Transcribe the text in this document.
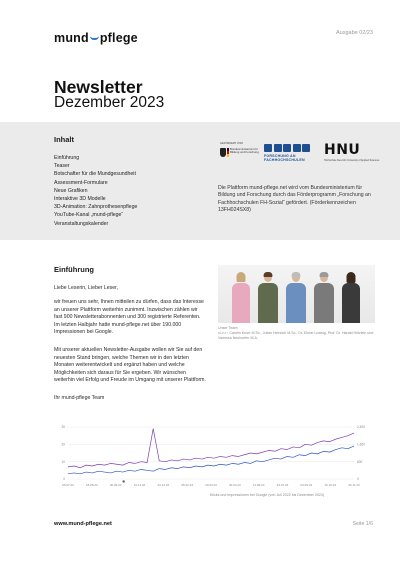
mund pflege	Ausgabe 02/23
Newsletter
Dezember 2023
Inhalt
Einführung
Teaser
Botschafter für die Mundgesundheit
Assessment-Formulare
Neue Grafiken
Interaktive 3D Modelle
3D-Animation: Zahnprothesenpflege
YouTube-Kanal „mund-pflege“
Veranstaltungskalender
GEFÖRDERT VOM
Bundesministerium für Bildung und Forschung
FORSCHUNG AN FACHHOCHSCHULEN
HNU
Hochschule Neu-Ulm University of Applied Sciences
Die Plattform mund-pflege.net wird vom Bundesministerium für Bildung und Forschung durch das Förderprogramm „Forschung an Fachhochschulen FH-Sozial“ gefördert. (Förderkennzeichen 13FH024SX8)
Einführung
Liebe Leserin, Lieber Leser,
wir freuen uns sehr, Ihnen mitteilen zu dürfen, dass das Interesse an unserer Plattform weiterhin zunimmt. Inzwischen zählen wir fast 900 Newsletterabonnenten und 300 registrierte Referenten. Im letzten Halbjahr hatte mund-pflege.net über 190.000 Impressionen bei Google.
Mit unserer aktuellen Newsletter-Ausgabe wollen wir Sie auf den neuesten Stand bringen, welche Themen wir in den letzten Monaten weiterentwickelt und ergänzt haben und welche Möglichkeiten sich daraus für Sie ergeben. Wir wünschen weiterhin viel Erfolg und Freude im Umgang mit unserer Plattform.
Ihr mund-pflege Team
Unser Team:
v.l.n.r.: Carolin Knorr M.Sc., Julian Heinrich M.Sc., Dr. Elmar Ludwig, Prof. Dr. Harald Hölzlein und Vanessa Neuhoefer M.A.
30
20
10
0
2.400
1.600
800
0
06.07.22	18.08.22	30.09.22	12.11.22	24.12.22	05.02.23	19.03.23	30.04.23	11.06.23	23.07.23	03.09.23	15.10.23	26.11.23
Klicks und Impressionen bei Google (von Juli 2022 bis Dezember 2023)
www.mund-pflege.net	Seite 1/6
